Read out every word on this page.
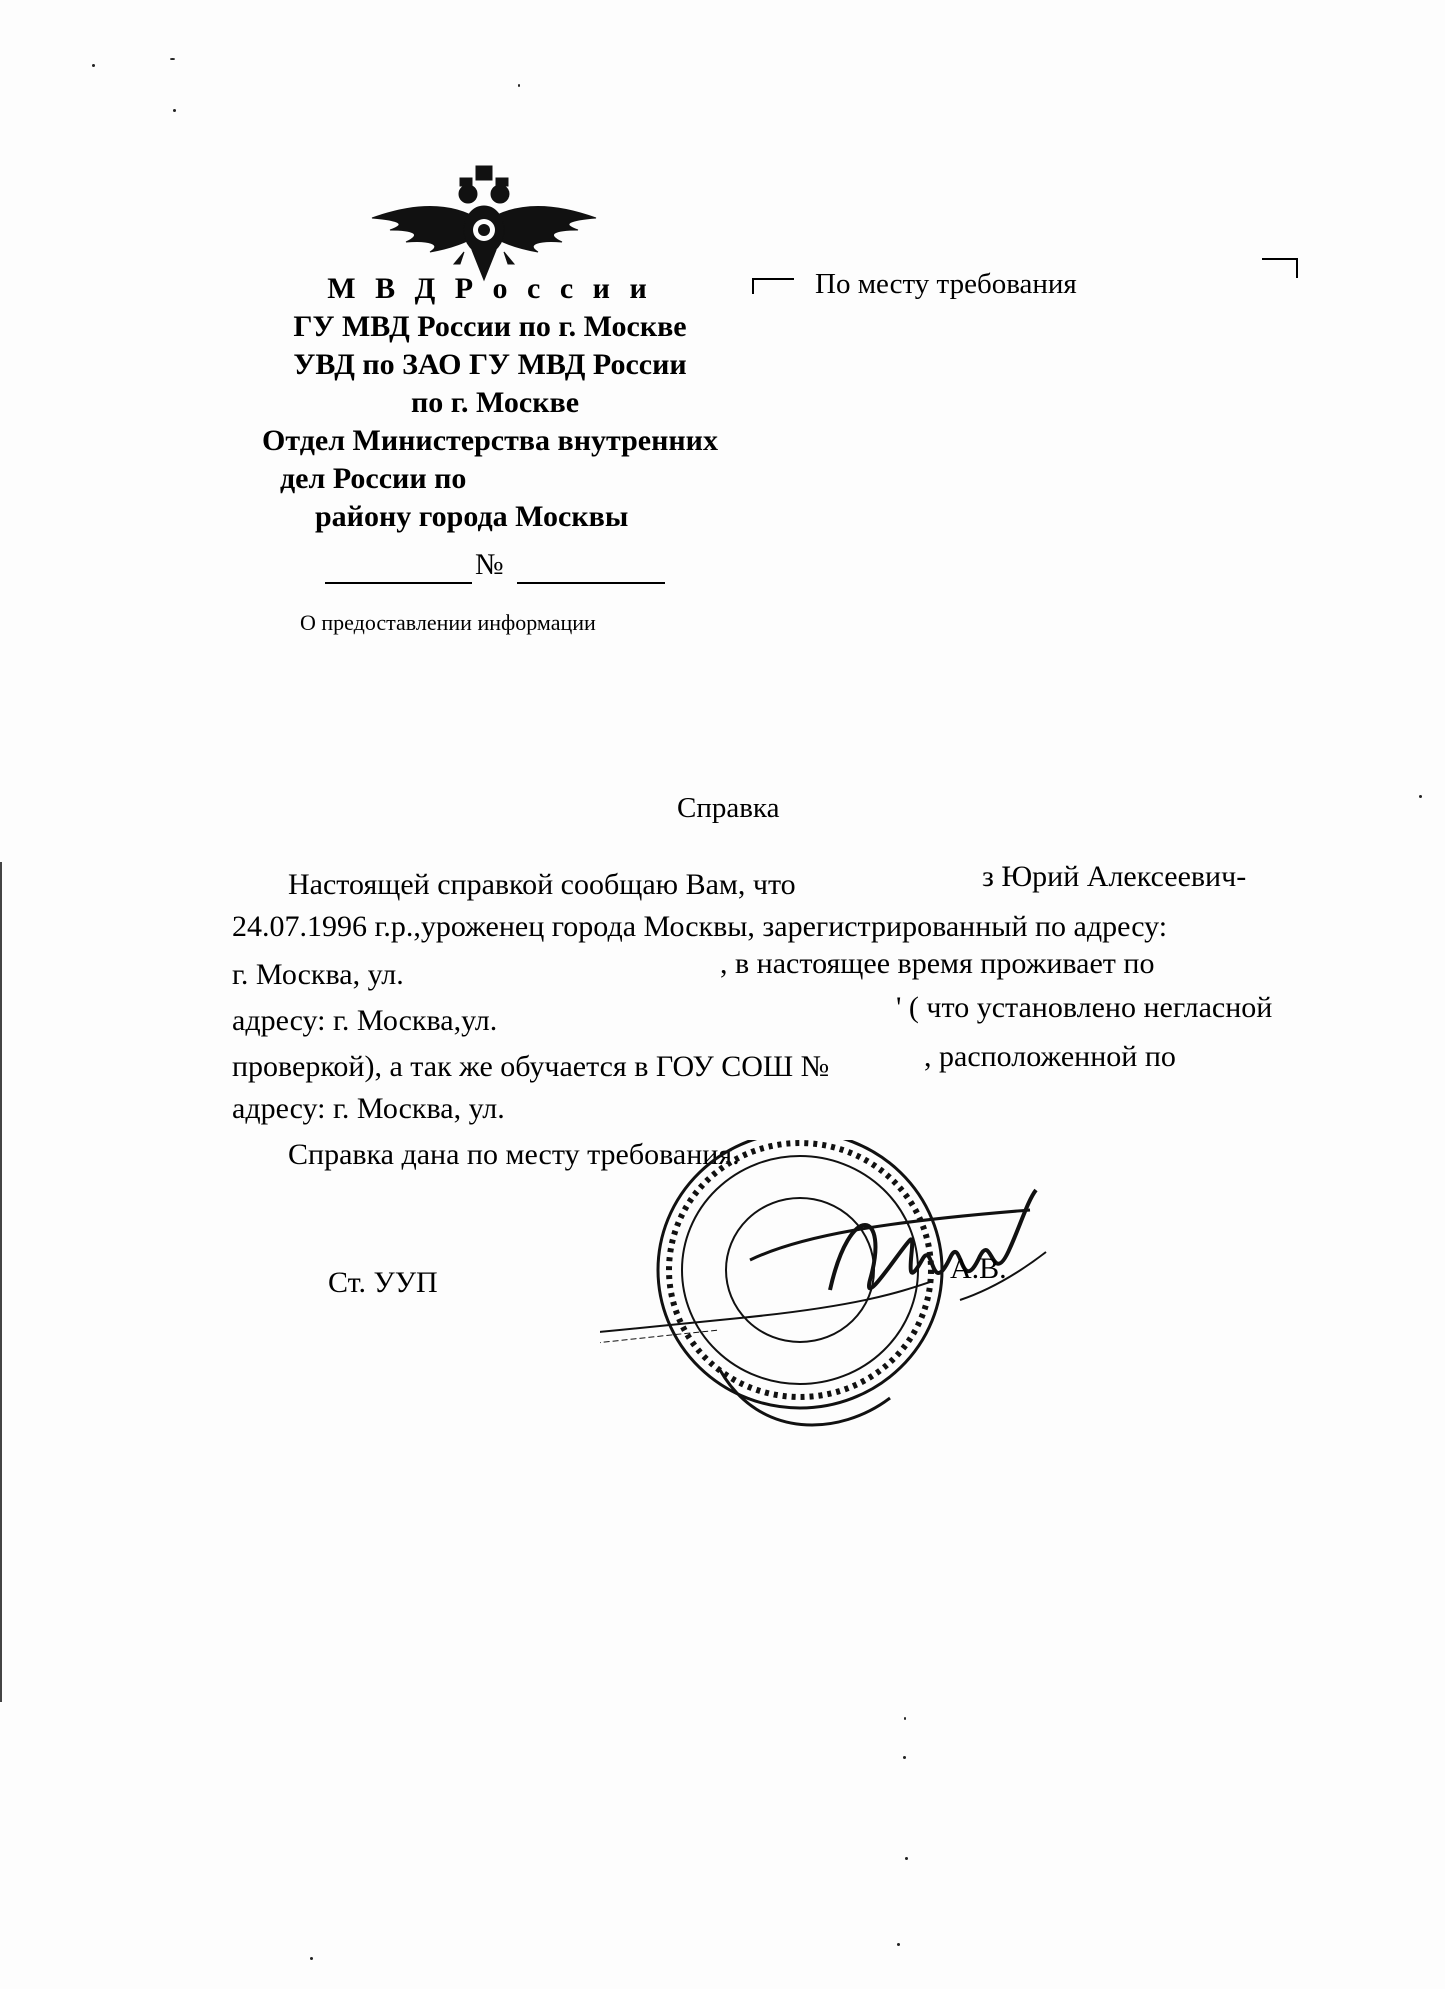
М В Д Р о с с и и
ГУ МВД России по г. Москве
УВД по ЗАО ГУ МВД России
по г. Москве
Отдел Министерства внутренних
дел России по
району города Москвы
№
О предоставлении информации
По месту требования
Справка
Настоящей справкой сообщаю Вам, что	з Юрий Алексеевич-
24.07.1996 г.р.,уроженец города Москвы, зарегистрированный по адресу:
г. Москва, ул.	, в настоящее время проживает по
адресу: г. Москва,ул.	' ( что установлено негласной
проверкой), а так же обучается в ГОУ СОШ №	, расположенной по
адресу: г. Москва, ул.
Справка дана по месту требования.
Ст. УУП	А.В.
